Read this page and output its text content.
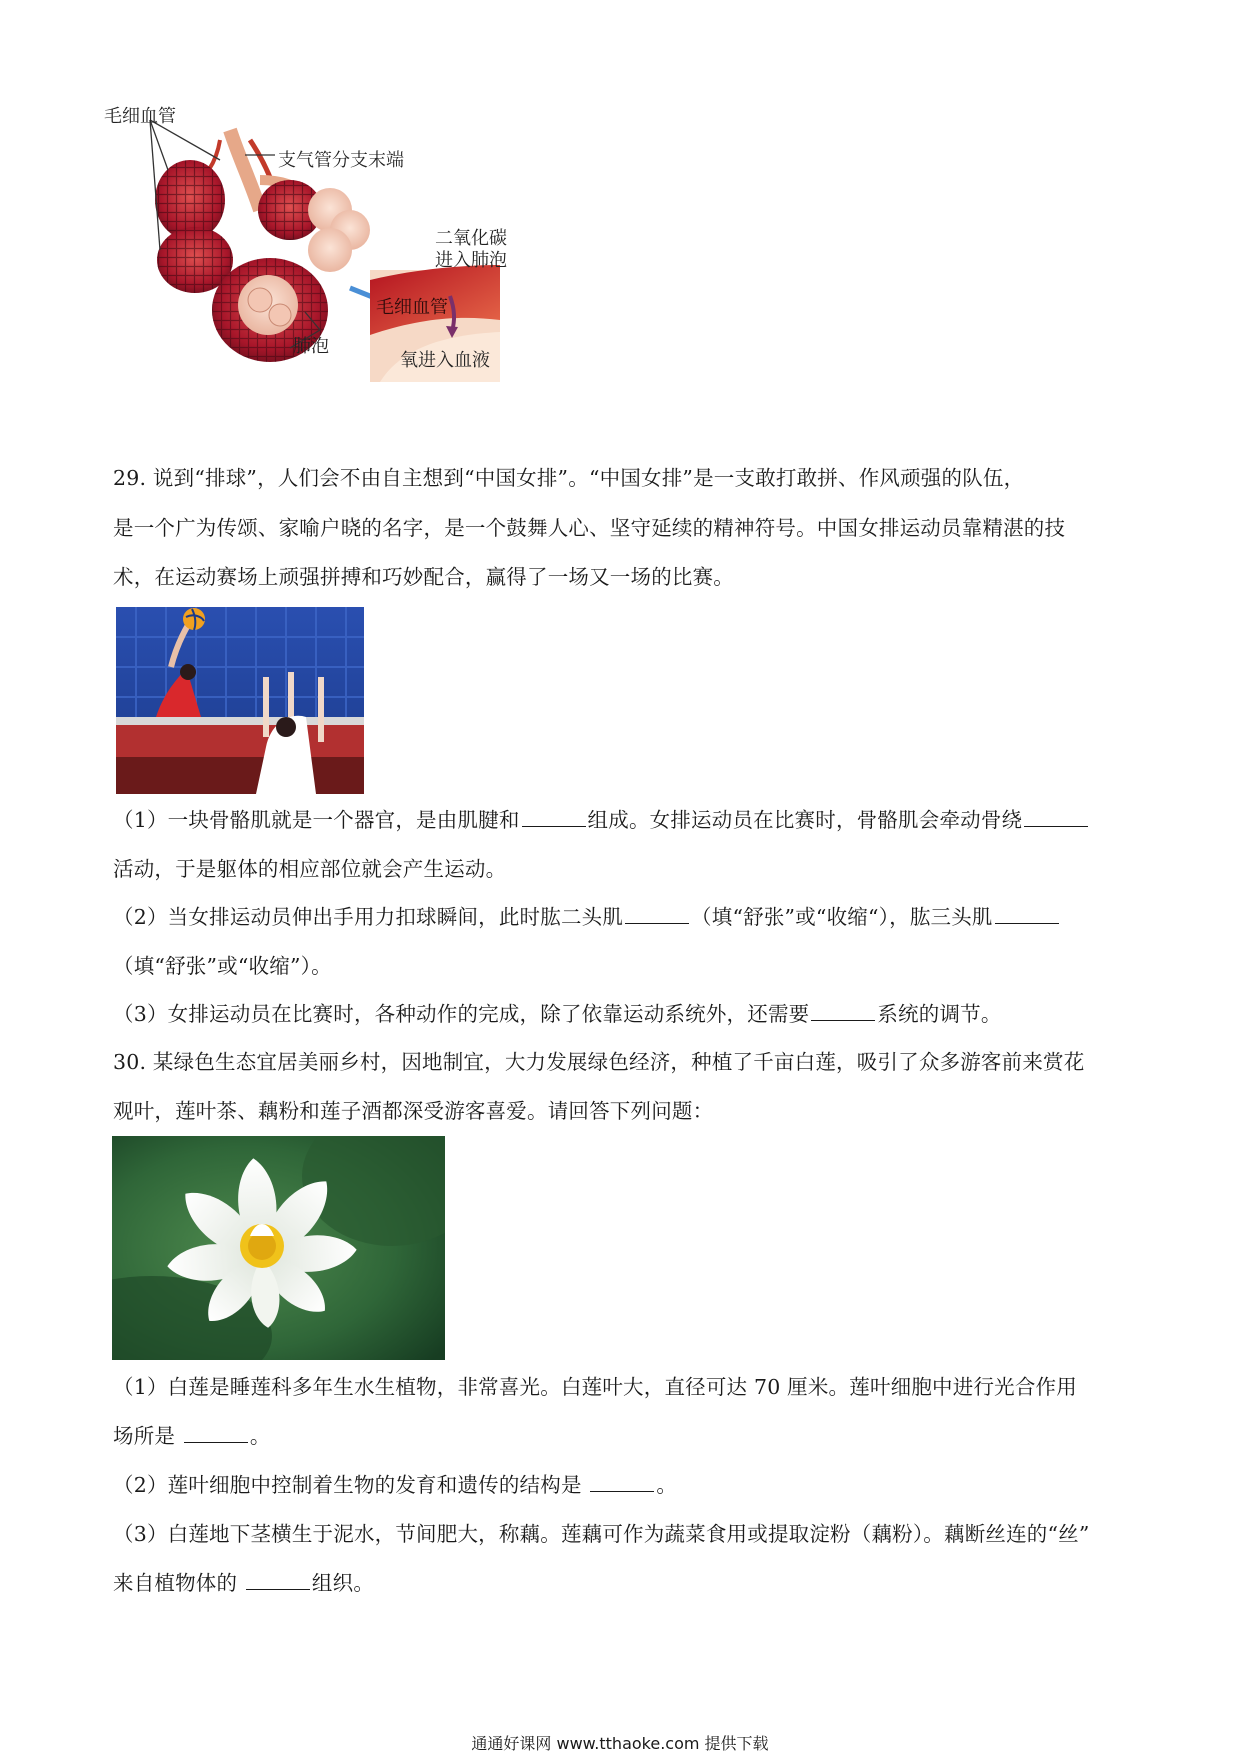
毛细血管
支气管分支末端
二氧化碳
进入肺泡
毛细血管
肺泡
氧进入血液
29. 说到“排球”，人们会不由自主想到“中国女排”。“中国女排”是一支敢打敢拼、作风顽强的队伍，
是一个广为传颂、家喻户晓的名字，是一个鼓舞人心、坚守延续的精神符号。中国女排运动员靠精湛的技
术，在运动赛场上顽强拼搏和巧妙配合，赢得了一场又一场的比赛。
（1）一块骨骼肌就是一个器官，是由肌腱和	组成。女排运动员在比赛时，骨骼肌会牵动骨绕
活动，于是躯体的相应部位就会产生运动。
（2）当女排运动员伸出手用力扣球瞬间，此时肱二头肌	（填“舒张”或“收缩“），肱三头肌
（填“舒张”或“收缩”）。
（3）女排运动员在比赛时，各种动作的完成，除了依靠运动系统外，还需要	系统的调节。
30. 某绿色生态宜居美丽乡村，因地制宜，大力发展绿色经济，种植了千亩白莲，吸引了众多游客前来赏花
观叶，莲叶茶、藕粉和莲子酒都深受游客喜爱。请回答下列问题：
（1）白莲是睡莲科多年生水生植物，非常喜光。白莲叶大，直径可达 70 厘米。莲叶细胞中进行光合作用
场所是	。
（2）莲叶细胞中控制着生物的发育和遗传的结构是	。
（3）白莲地下茎横生于泥水，节间肥大，称藕。莲藕可作为蔬菜食用或提取淀粉（藕粉）。藕断丝连的“丝”
来自植物体的	组织。
通通好课网 www.tthaoke.com 提供下载
